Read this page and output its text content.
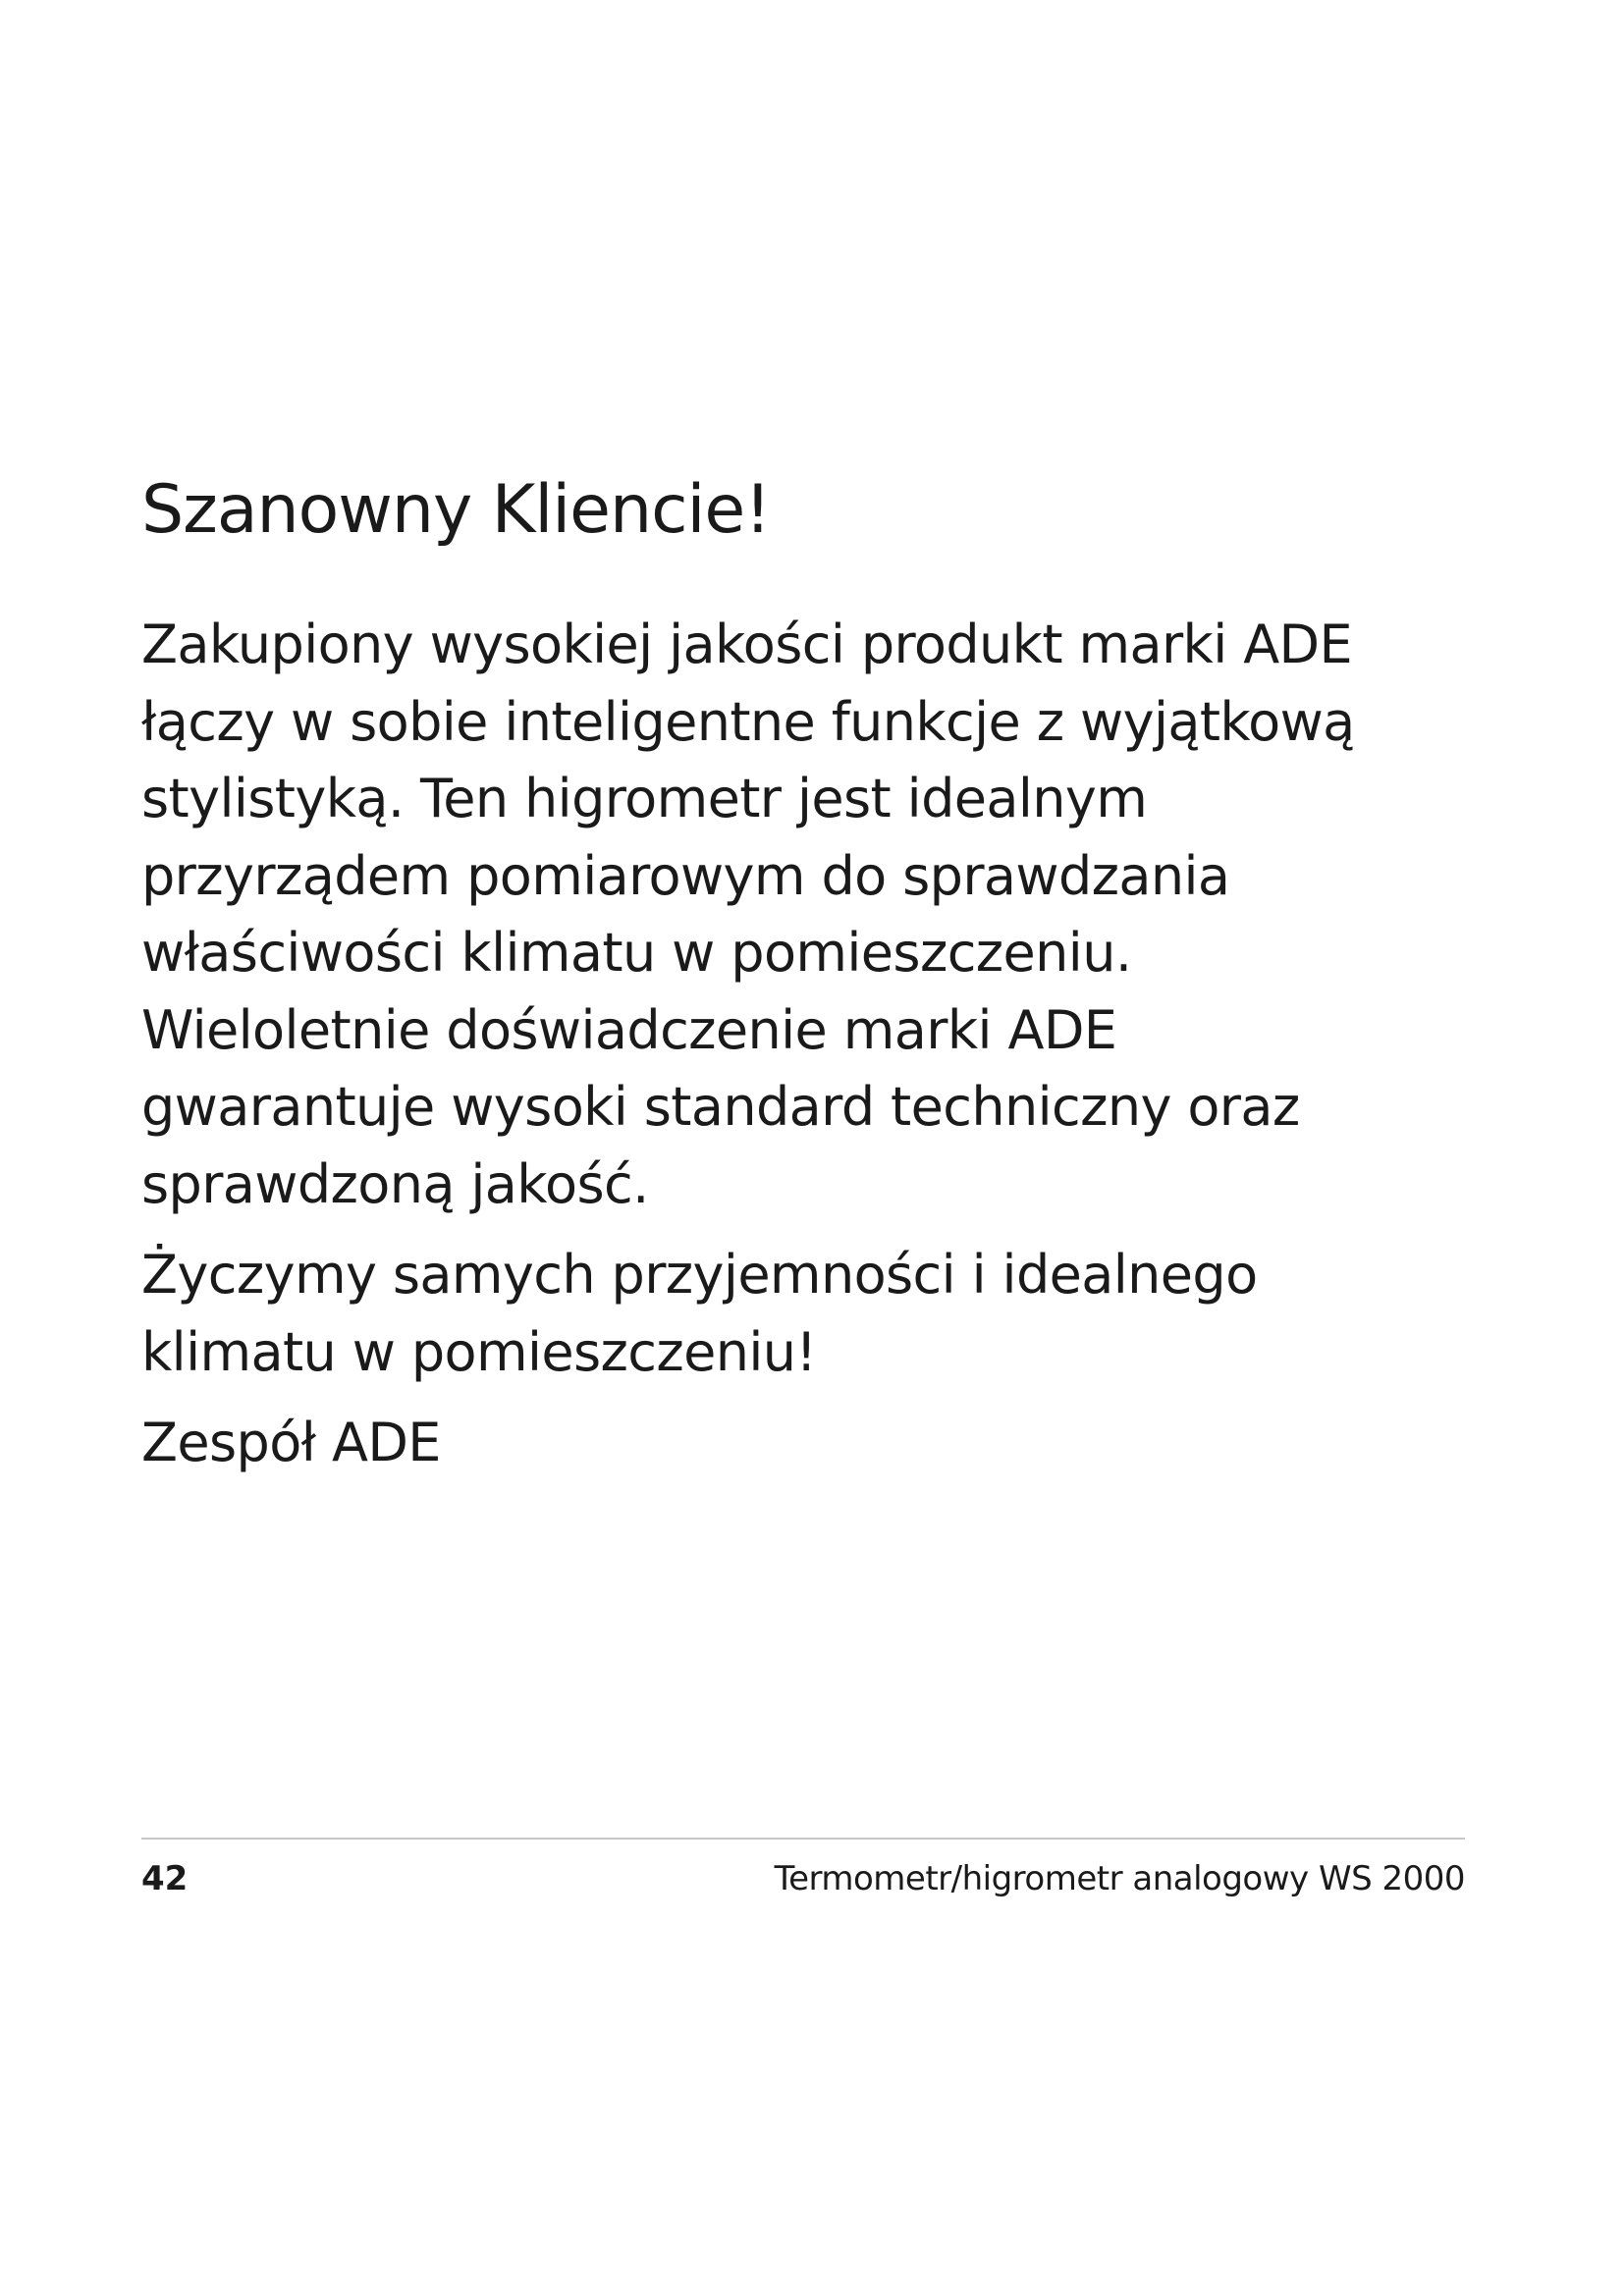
Szanowny Kliencie!

Zakupiony wysokiej jakości produkt marki ADE
łączy w sobie inteligentne funkcje z wyjątkową
stylistyką. Ten higrometr jest idealnym
przyrządem pomiarowym do sprawdzania
właściwości klimatu w pomieszczeniu.
Wieloletnie doświadczenie marki ADE
gwarantuje wysoki standard techniczny oraz
sprawdzoną jakość.

Życzymy samych przyjemności i idealnego
klimatu w pomieszczeniu!

Zespół ADE

42	Termometr/higrometr analogowy WS 2000
